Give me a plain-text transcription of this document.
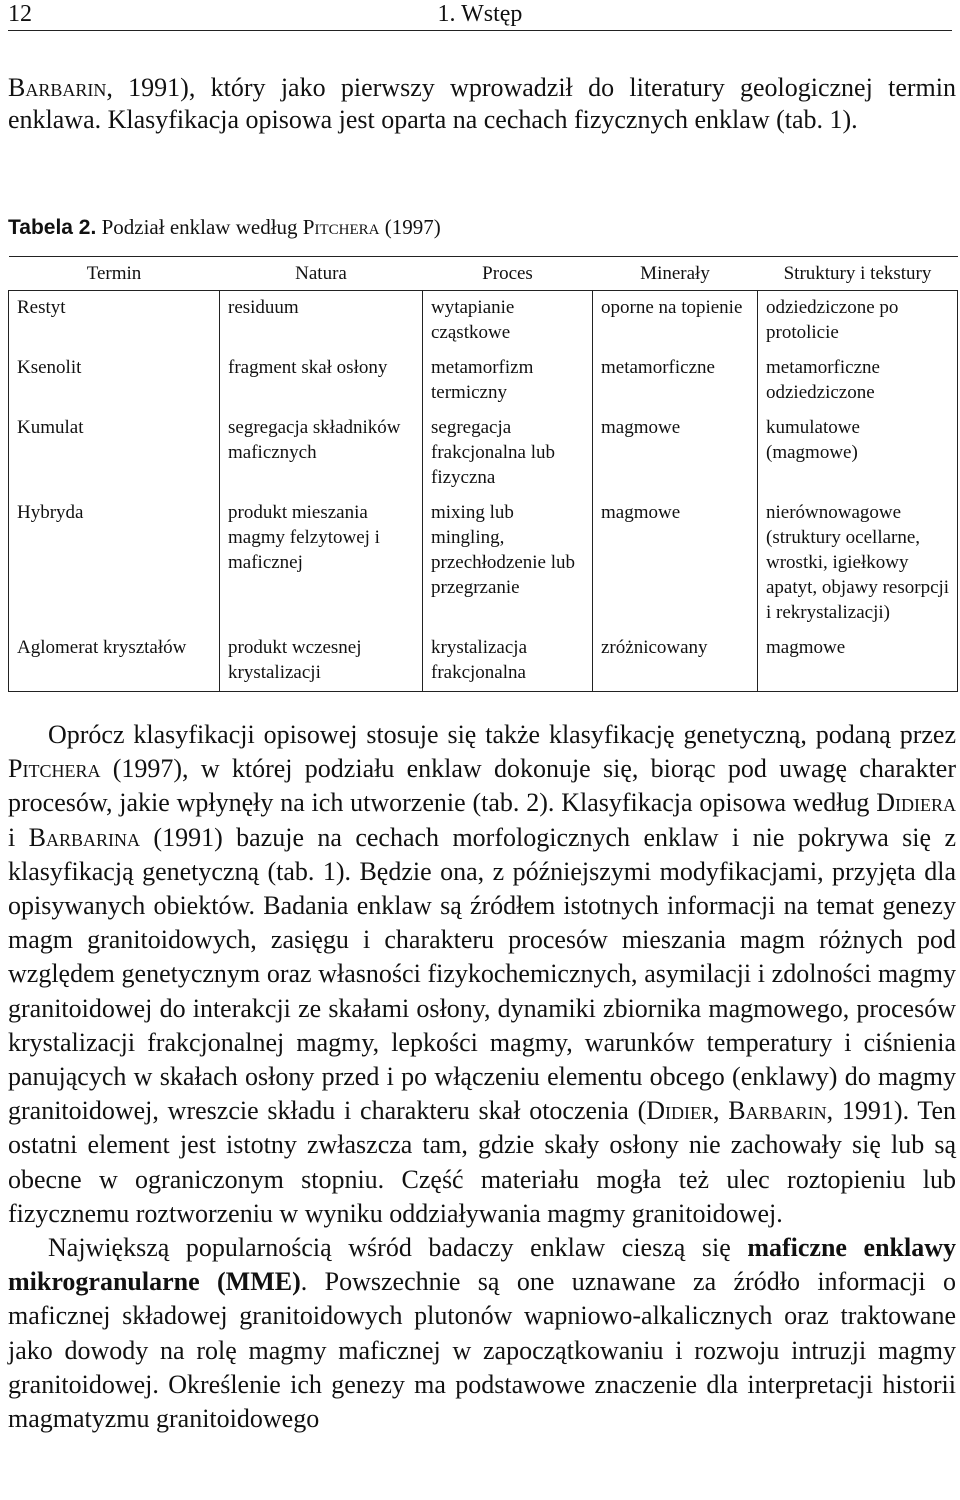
12	1. Wstęp
Barbarin, 1991), który jako pierwszy wprowadził do literatury geologicznej termin enklawa. Klasyfikacja opisowa jest oparta na cechach fizycznych enklaw (tab. 1).
Tabela 2. Podział enklaw według Pitchera (1997)
Termin	Natura	Proces	Minerały	Struktury i tekstury
Restyt	residuum	wytapianie cząstkowe	oporne na topienie	odziedziczone po protolicie
Ksenolit	fragment skał osłony	metamorfizm termiczny	metamorficzne	metamorficzne odziedziczone
Kumulat	segregacja składników maficznych	segregacja frakcjonalna lub fizyczna	magmowe	kumulatowe (magmowe)
Hybryda	produkt mieszania magmy felzytowej i maficznej	mixing lub mingling, przechłodzenie lub przegrzanie	magmowe	nierównowagowe (struktury ocellarne, wrostki, igiełkowy apatyt, objawy resorpcji i rekrystalizacji)
Aglomerat kryształów	produkt wczesnej krystalizacji	krystalizacja frakcjonalna	zróżnicowany	magmowe

Oprócz klasyfikacji opisowej stosuje się także klasyfikację genetyczną, podaną przez Pitchera (1997), w której podziału enklaw dokonuje się, biorąc pod uwagę charakter procesów, jakie wpłynęły na ich utworzenie (tab. 2). Klasyfikacja opisowa według Didiera i Barbarina (1991) bazuje na cechach morfologicznych enklaw i nie pokrywa się z klasyfikacją genetyczną (tab. 1). Będzie ona, z późniejszymi modyfikacjami, przyjęta dla opisywanych obiektów. Badania enklaw są źródłem istotnych informacji na temat genezy magm granitoidowych, zasięgu i charakteru procesów mieszania magm różnych pod względem genetycznym oraz własności fizykochemicznych, asymilacji i zdolności magmy granitoidowej do interakcji ze skałami osłony, dynamiki zbiornika magmowego, procesów krystalizacji frakcjonalnej magmy, lepkości magmy, warunków temperatury i ciśnienia panujących w skałach osłony przed i po włączeniu elementu obcego (enklawy) do magmy granitoidowej, wreszcie składu i charakteru skał otoczenia (Didier, Barbarin, 1991). Ten ostatni element jest istotny zwłaszcza tam, gdzie skały osłony nie zachowały się lub są obecne w ograniczonym stopniu. Część materiału mogła też ulec roztopieniu lub fizycznemu roztworzeniu w wyniku oddziaływania magmy granitoidowej.

Największą popularnością wśród badaczy enklaw cieszą się maficzne enklawy mikrogranularne (MME). Powszechnie są one uznawane za źródło informacji o maficznej składowej granitoidowych plutonów wapniowo-alkalicznych oraz traktowane jako dowody na rolę magmy maficznej w zapoczątkowaniu i rozwoju intruzji magmy granitoidowej. Określenie ich genezy ma podstawowe znaczenie dla interpretacji historii magmatyzmu granitoidowego
